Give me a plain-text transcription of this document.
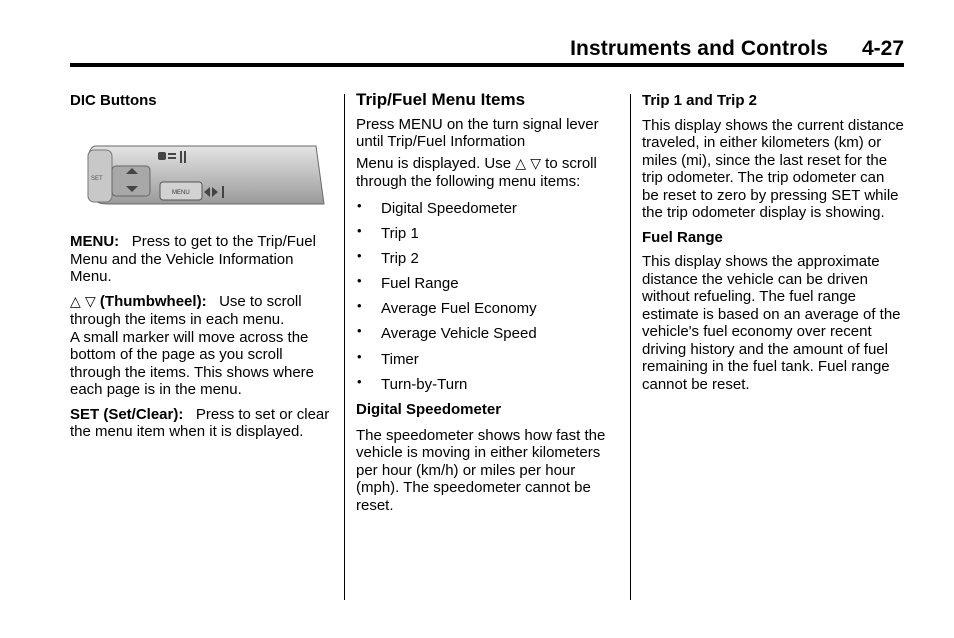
Instruments and Controls 4-27

DIC Buttons

SET
MENU

MENU: Press to get to the Trip/Fuel Menu and the Vehicle Information Menu.

△ ▽ (Thumbwheel): Use to scroll through the items in each menu.

A small marker will move across the bottom of the page as you scroll through the items. This shows where each page is in the menu.

SET (Set/Clear): Press to set or clear the menu item when it is displayed.

Trip/Fuel Menu Items

Press MENU on the turn signal lever until Trip/Fuel Information

Menu is displayed. Use △ ▽ to scroll through the following menu items:

• Digital Speedometer
• Trip 1
• Trip 2
• Fuel Range
• Average Fuel Economy
• Average Vehicle Speed
• Timer
• Turn-by-Turn

Digital Speedometer

The speedometer shows how fast the vehicle is moving in either kilometers per hour (km/h) or miles per hour (mph). The speedometer cannot be reset.

Trip 1 and Trip 2

This display shows the current distance traveled, in either kilometers (km) or miles (mi), since the last reset for the trip odometer. The trip odometer can be reset to zero by pressing SET while the trip odometer display is showing.

Fuel Range

This display shows the approximate distance the vehicle can be driven without refueling. The fuel range estimate is based on an average of the vehicle's fuel economy over recent driving history and the amount of fuel remaining in the fuel tank. Fuel range cannot be reset.
